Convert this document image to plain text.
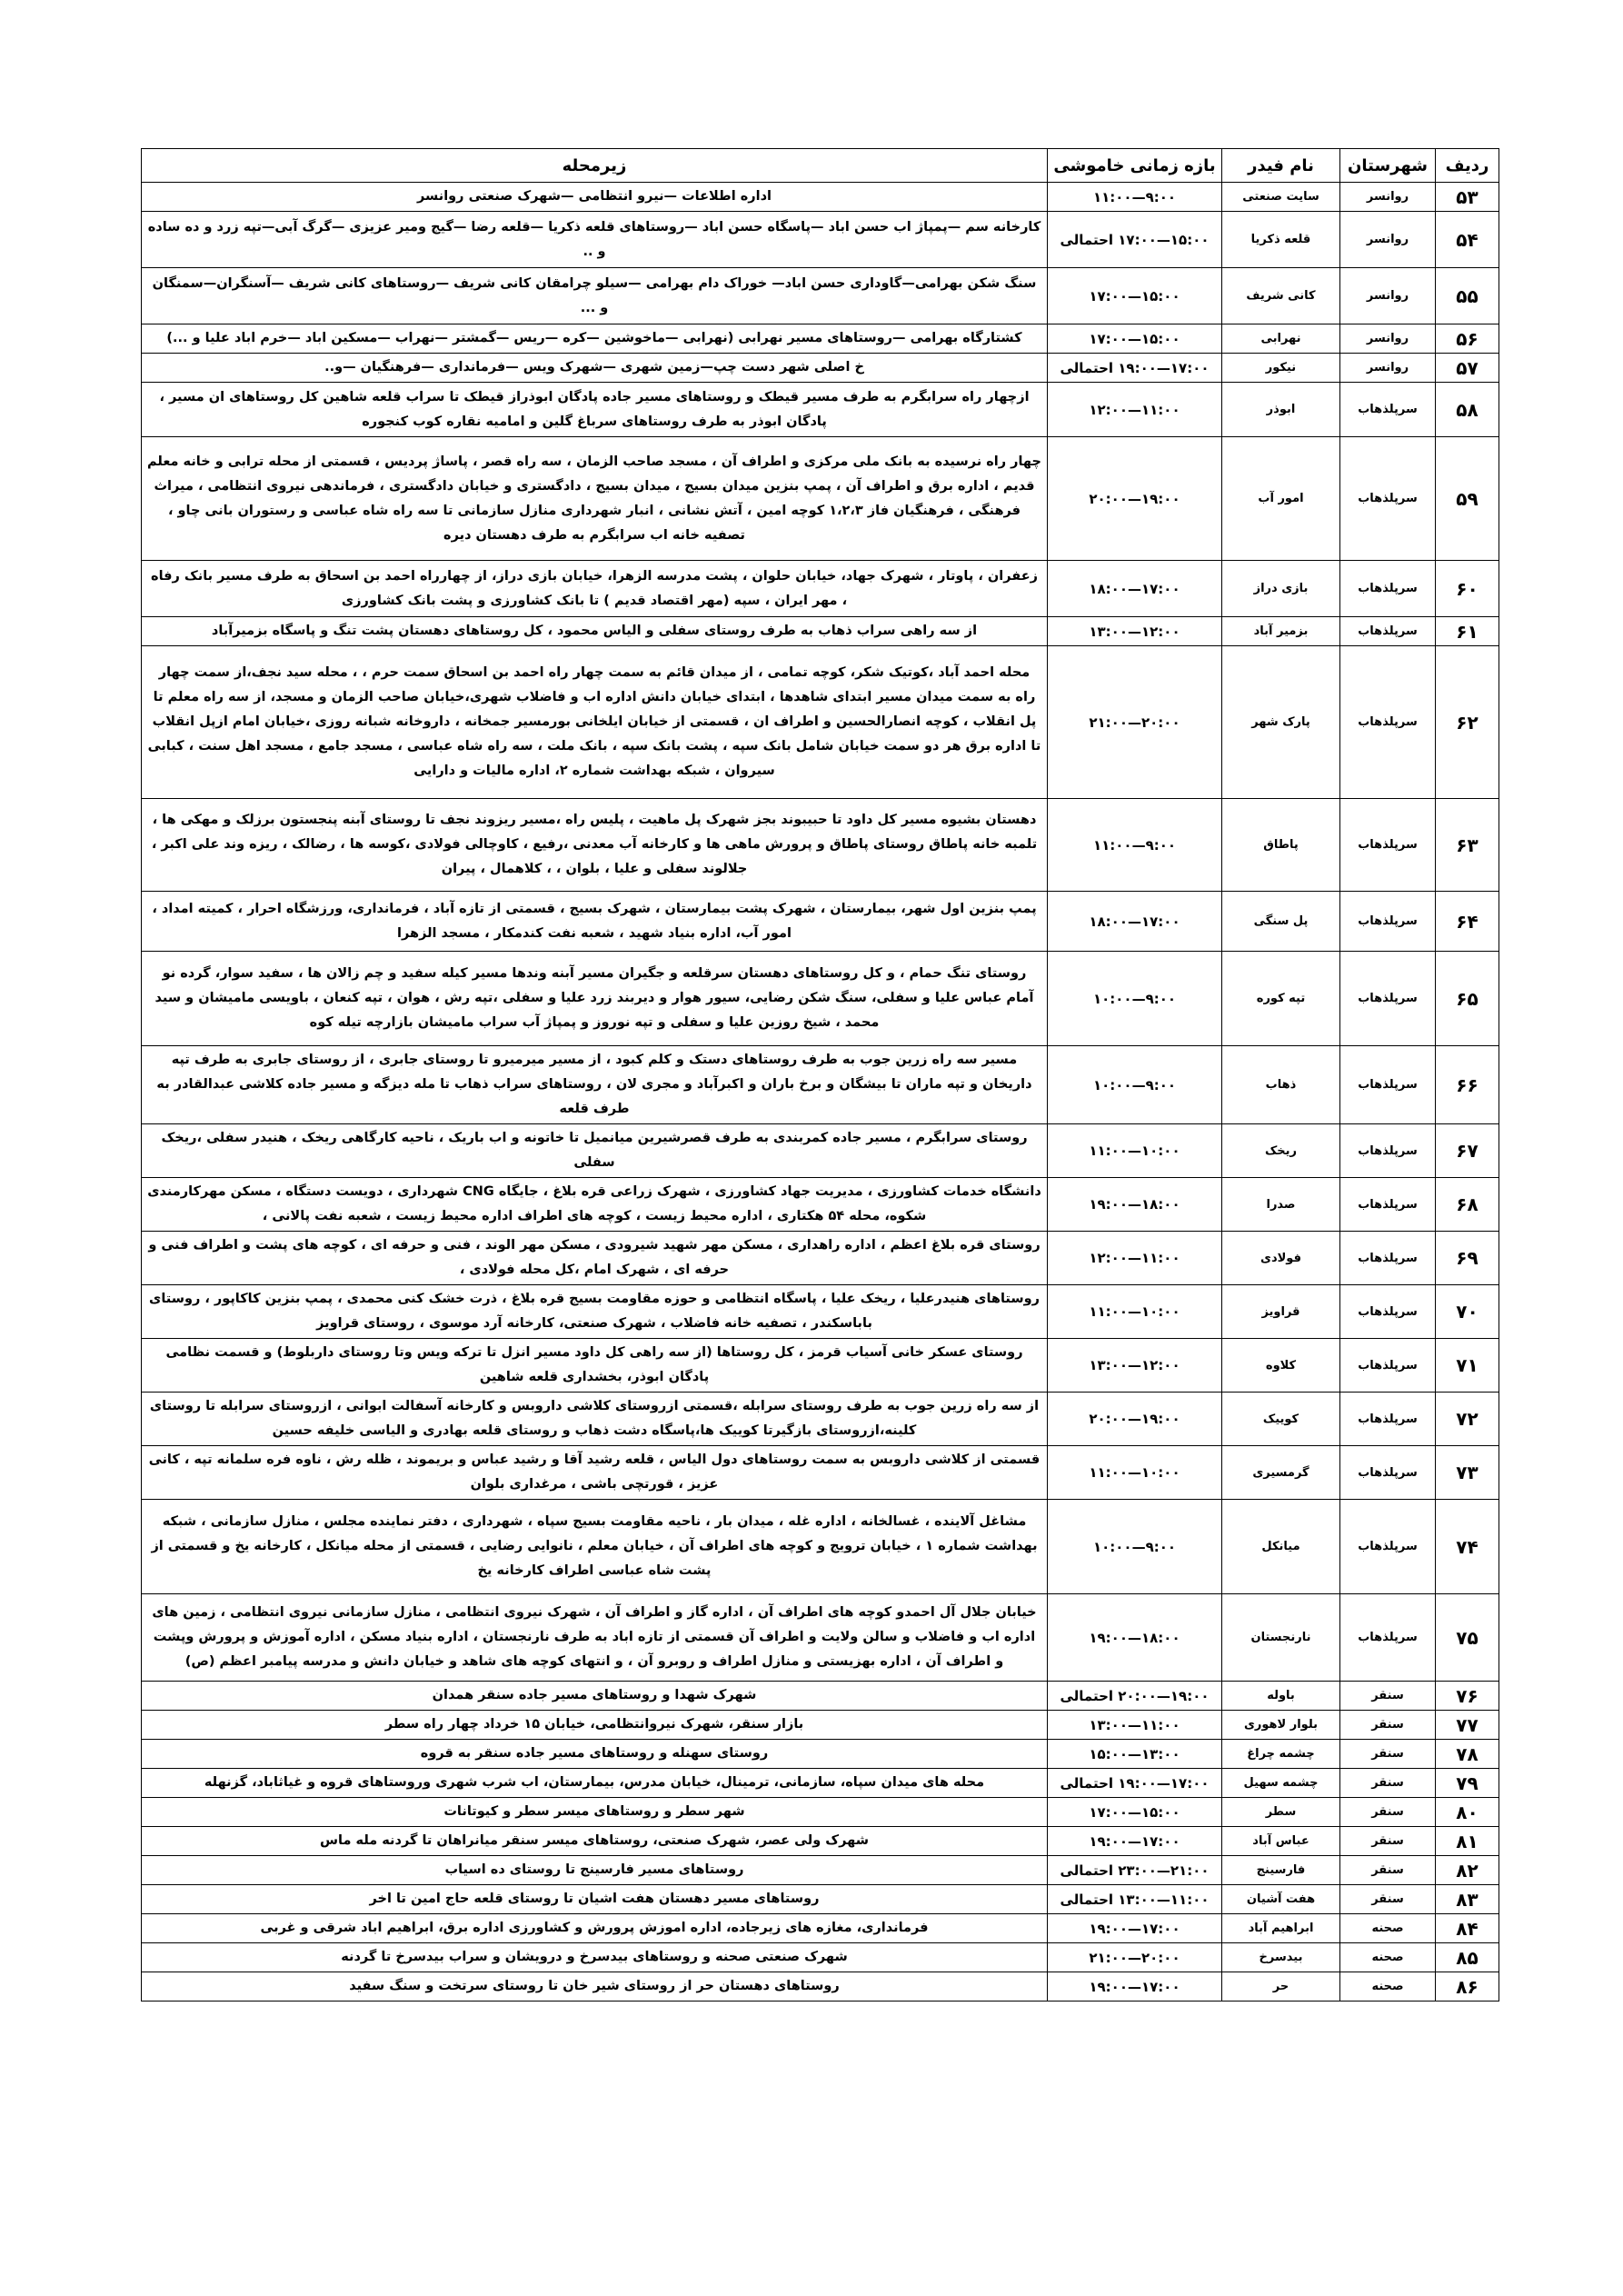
ردیف	شهرستان	نام فیدر	بازه زمانی خاموشی	زیرمحله
۵۳	روانسر	سایت صنعتی	۹:۰۰—۱۱:۰۰	اداره اطلاعات —نیرو انتظامی —شهرک صنعتی روانسر
۵۴	روانسر	قلعه ذکریا	۱۵:۰۰—۱۷:۰۰ احتمالی	کارخانه سم —پمپاژ اب حسن اباد —پاسگاه حسن اباد —روستاهای قلعه ذکریا —قلعه رضا —گیج ومیر عزیزی —گرگ آبی—تپه زرد و ده ساده و ..
۵۵	روانسر	کانی شریف	۱۵:۰۰—۱۷:۰۰	سنگ شکن بهرامی—گاوداری حسن اباد— خوراک دام بهرامی —سیلو چرامقان کانی شریف —روستاهای کانی شریف —آسنگران—سمنگان و ...
۵۶	روانسر	نهرابی	۱۵:۰۰—۱۷:۰۰	کشتارگاه بهرامی —روستاهای مسیر نهرابی (نهرابی —ماخوشین —کره —ریس —گمشتر —نهراب —مسکین اباد —خرم اباد علیا و ...)
۵۷	روانسر	نیکور	۱۷:۰۰—۱۹:۰۰ احتمالی	خ اصلی شهر دست چپ—زمین شهری —شهرک ویس —فرمانداری —فرهنگیان —و..
۵۸	سرپلذهاب	ابوذر	۱۱:۰۰—۱۲:۰۰	ازچهار راه سرابگرم به طرف مسیر قیطک و روستاهای مسیر جاده پادگان ابوذراز قیطک تا سراب قلعه شاهین کل روستاهای ان مسیر ، پادگان ابوذر به طرف روستاهای سرباغ گلین و امامیه نقاره کوب کنجوره
۵۹	سرپلذهاب	امور آب	۱۹:۰۰—۲۰:۰۰	چهار راه نرسیده به بانک ملی مرکزی و اطراف آن ، مسجد صاحب الزمان ، سه راه قصر ، پاساژ پردیس ، قسمتی از محله ترابی و خانه معلم قدیم ، اداره برق و اطراف آن ، پمپ بنزین میدان بسیج ، میدان بسیج ، دادگستری و خیابان دادگستری ، فرماندهی نیروی انتظامی ، میراث فرهنگی ، فرهنگیان فاز ۱،۲،۳ کوچه امین ، آتش نشانی ، انبار شهرداری منازل سازمانی تا سه راه شاه عباسی و رستوران بانی چاو ، تصفیه خانه اب سرابگرم به طرف دهستان دیره
۶۰	سرپلذهاب	بازی دراز	۱۷:۰۰—۱۸:۰۰	زعفران ، پاوتار ، شهرک جهاد، خیابان حلوان ، پشت مدرسه الزهرا، خیابان بازی دراز، از چهارراه احمد بن اسحاق به طرف مسیر بانک رفاه ، مهر ایران ، سپه (مهر اقتصاد قدیم ) تا بانک کشاورزی و پشت بانک کشاورزی
۶۱	سرپلذهاب	بزمیر آباد	۱۲:۰۰—۱۳:۰۰	از سه راهی سراب ذهاب به طرف روستای سفلی و الیاس محمود ، کل روستاهای دهستان پشت تنگ و پاسگاه بزمیرآباد
۶۲	سرپلذهاب	پارک شهر	۲۰:۰۰—۲۱:۰۰	محله احمد آباد ،کوتیک شکر، کوچه تمامی ، از میدان قائم به سمت چهار راه احمد بن اسحاق سمت حرم ، ، محله سید نجف،از سمت چهار راه به سمت میدان مسیر ابتدای شاهدها ، ابتدای خیابان دانش اداره اب و فاضلاب شهری،خیابان صاحب الزمان و مسجد، از سه راه معلم تا پل انقلاب ، کوچه انصارالحسین و اطراف ان ، قسمتی از خیابان ایلخانی بورمسیر جمخانه ، داروخانه شبانه روزی ،خیابان امام ازپل انقلاب تا اداره برق هر دو سمت خیابان شامل بانک سپه ، پشت بانک سپه ، بانک ملت ، سه راه شاه عباسی ، مسجد جامع ، مسجد اهل سنت ، کبابی سیروان ، شبکه بهداشت شماره ۲، اداره مالیات و دارایی
۶۳	سرپلذهاب	پاطاق	۹:۰۰—۱۱:۰۰	دهستان بشیوه مسیر کل داود تا حبیبوند بجز شهرک پل ماهیت ، پلیس راه ،مسیر ریزوند نجف تا روستای آبنه پنجستون برزلک و مهکی ها ، تلمبه خانه پاطاق روستای پاطاق و پرورش ماهی ها و کارخانه آب معدنی ،رفیع ، کاوچالی فولادی ،کوسه ها ، رضالک ، ریزه وند علی اکبر ، جلالوند سفلی و علیا ، بلوان ، ، کلاهمال ، پیران
۶۴	سرپلذهاب	پل سنگی	۱۷:۰۰—۱۸:۰۰	پمپ بنزین اول شهر، بیمارستان ، شهرک پشت بیمارستان ، شهرک بسیج ، قسمتی از تازه آباد ، فرمانداری، ورزشگاه احرار ، کمیته امداد ، امور آب، اداره بنیاد شهید ، شعبه نفت کندمکار ، مسجد الزهرا
۶۵	سرپلذهاب	تپه کوره	۹:۰۰—۱۰:۰۰	روستای تنگ حمام ، و کل روستاهای دهستان سرقلعه و جگیران مسیر آبنه وندها مسیر کیله سفید و چم زالان ها ، سفید سوار، گرده نو آمام عباس علیا و سفلی، سنگ شکن رضایی، سیور هوار و دیربند زرد علیا و سفلی ،تپه رش ، هوان ، تپه کنعان ، باویسی مامیشان و سید محمد ، شیخ روزین علیا و سفلی و تپه نوروز و پمپاژ آب سراب مامیشان بازارچه تیله کوه
۶۶	سرپلذهاب	ذهاب	۹:۰۰—۱۰:۰۰	مسیر سه راه زرین جوب به طرف روستاهای دستک و کلم کبود ، از مسیر میرمیرو تا روستای جابری ، از روستای جابری به طرف تپه داریخان و تپه ماران تا بیشگان و برخ باران و اکبرآباد و مجری لان ، روستاهای سراب ذهاب تا مله دیزگه و مسیر جاده کلاشی عبدالقادر به طرف قلعه
۶۷	سرپلذهاب	ریخک	۱۰:۰۰—۱۱:۰۰	روستای سرابگرم ، مسیر جاده کمربندی به طرف قصرشیرین میانمیل تا خاتونه و اب باریک ، ناحیه کارگاهی ریخک ، هنیدر سفلی ،ریخک سفلی
۶۸	سرپلذهاب	صدرا	۱۸:۰۰—۱۹:۰۰	دانشگاه خدمات کشاورزی ، مدیریت جهاد کشاورزی ، شهرک زراعی قره بلاغ ، جایگاه CNG شهرداری ، دویست دستگاه ، مسکن مهرکارمندی شکوه، محله ۵۴ هکتاری ، اداره محیط زیست ، کوچه های اطراف اداره محیط زیست ، شعبه نفت پالانی ،
۶۹	سرپلذهاب	فولادی	۱۱:۰۰—۱۲:۰۰	روستای قره بلاغ اعظم ، اداره راهداری ، مسکن مهر شهید شیرودی ، مسکن مهر الوند ، فنی و حرفه ای ، کوچه های پشت و اطراف فنی و حرفه ای ، شهرک امام ،کل محله فولادی ،
۷۰	سرپلذهاب	قراویز	۱۰:۰۰—۱۱:۰۰	روستاهای هنیدرعلیا ، ریخک علیا ، پاسگاه انتظامی و حوزه مقاومت بسیج قره بلاغ ، ذرت خشک کنی محمدی ، پمپ بنزین کاکاپور ، روستای باباسکندر ، تصفیه خانه فاضلاب ، شهرک صنعتی، کارخانه آرد موسوی ، روستای قراویز
۷۱	سرپلذهاب	کلاوه	۱۲:۰۰—۱۳:۰۰	روستای عسکر خانی آسیاب قرمز ، کل روستاها (از سه راهی کل داود مسیر انزل تا ترکه ویس وتا روستای داربلوط) و قسمت نظامی پادگان ابوذر، بخشداری قلعه شاهین
۷۲	سرپلذهاب	کوییک	۱۹:۰۰—۲۰:۰۰	از سه راه زرین جوب به طرف روستای سرابله ،قسمتی ازروستای کلاشی داروبس و کارخانه آسفالت ابوانی ، ازروستای سرابله تا روستای کلینه،ازروستای بازگیرتا کوییک ها،پاسگاه دشت ذهاب و روستای قلعه بهادری و الیاسی خلیفه حسین
۷۳	سرپلذهاب	گرمسیری	۱۰:۰۰—۱۱:۰۰	قسمتی از کلاشی داروبس به سمت روستاهای دول الیاس ، قلعه رشید آقا و رشید عباس و بریموند ، ظله رش ، ناوه فره سلمانه تپه ، کانی عزیز ، قورتچی باشی ، مرغداری بلوان
۷۴	سرپلذهاب	میانکل	۹:۰۰—۱۰:۰۰	مشاغل آلاینده ، غسالخانه ، اداره غله ، میدان بار ، ناحیه مقاومت بسیج سپاه ، شهرداری ، دفتر نماینده مجلس ، منازل سازمانی ، شبکه بهداشت شماره ۱ ، خیابان ترویج و کوچه های اطراف آن ، خیابان معلم ، نانوایی رضایی ، قسمتی از محله میانکل ، کارخانه یخ و قسمتی از پشت شاه عباسی اطراف کارخانه یخ
۷۵	سرپلذهاب	نارنجستان	۱۸:۰۰—۱۹:۰۰	خیابان جلال آل احمدو کوچه های اطراف آن ، اداره گاز و اطراف آن ، شهرک نیروی انتظامی ، منازل سازمانی نیروی انتظامی ، زمین های اداره اب و فاضلاب و سالن ولایت و اطراف آن قسمتی از تازه اباد به طرف نارنجستان ، اداره بنیاد مسکن ، اداره آموزش و پرورش وپشت و اطراف آن ، اداره بهزیستی و منازل اطراف و روبرو آن ، و انتهای کوچه های شاهد و خیابان دانش و مدرسه پیامبر اعظم (ص)
۷۶	سنقر	باوله	۱۹:۰۰—۲۰:۰۰ احتمالی	شهرک شهدا و روستاهای مسیر جاده سنقر همدان
۷۷	سنقر	بلوار لاهوری	۱۱:۰۰—۱۳:۰۰	بازار سنقر، شهرک نیروانتظامی، خیابان ۱۵ خرداد چهار راه سطر
۷۸	سنقر	چشمه چراغ	۱۳:۰۰—۱۵:۰۰	روستای سهنله و روستاهای مسیر جاده سنقر به قروه
۷۹	سنقر	چشمه سهیل	۱۷:۰۰—۱۹:۰۰ احتمالی	محله های میدان سپاه، سازمانی، ترمینال، خیابان مدرس، بیمارستان، اب شرب شهری وروستاهای قروه و غیاثاباد، گزنهله
۸۰	سنقر	سطر	۱۵:۰۰—۱۷:۰۰	شهر سطر و روستاهای میسر سطر و کیوتانات
۸۱	سنقر	عباس آباد	۱۷:۰۰—۱۹:۰۰	شهرک ولی عصر، شهرک صنعتی، روستاهای میسر سنقر میانراهان تا گردنه مله ماس
۸۲	سنقر	فارسینج	۲۱:۰۰—۲۳:۰۰ احتمالی	روستاهای مسیر فارسینج تا روستای ده اسیاب
۸۳	سنقر	هفت آشیان	۱۱:۰۰—۱۳:۰۰ احتمالی	روستاهای مسیر دهستان هفت اشیان تا روستای قلعه حاج امین تا اخر
۸۴	صحنه	ابراهیم آباد	۱۷:۰۰—۱۹:۰۰	فرمانداری، مغازه های زیرجاده، اداره اموزش پرورش و کشاورزی اداره برق، ابراهیم اباد شرقی و غربی
۸۵	صحنه	بیدسرخ	۲۰:۰۰—۲۱:۰۰	شهرک صنعتی صحنه و روستاهای بیدسرخ و درویشان و سراب بیدسرخ تا گردنه
۸۶	صحنه	حر	۱۷:۰۰—۱۹:۰۰	روستاهای دهستان حر از روستای شیر خان تا روستای سرتخت و سنگ سفید
